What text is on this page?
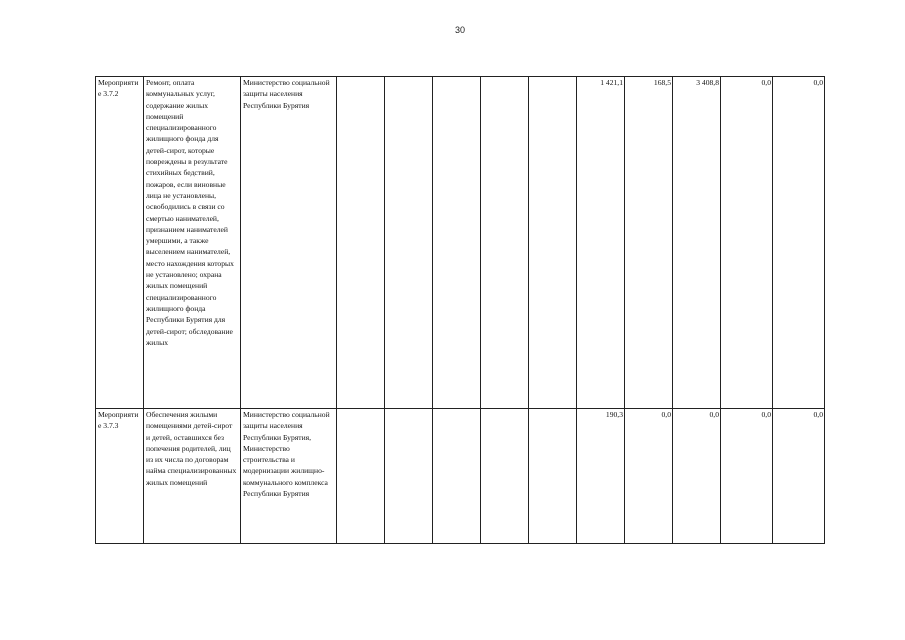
30
Мероприятие 3.7.2	Ремонт, оплата коммунальных услуг, содержание жилых помещений специализированного жилищного фонда для детей-сирот, которые повреждены в результате стихийных бедствий, пожаров, если виновные лица не установлены, освободились в связи со смертью нанимателей, признанием нанимателей умершими, а также выселением нанимателей, место нахождения которых не установлено; охрана жилых помещений специализированного жилищного фонда Республики Бурятия для детей-сирот; обследование жилых	Министерство социальной защиты населения Республики Бурятия						1 421,1	168,5	3 408,8	0,0	0,0	

Мероприятие 3.7.3	Обеспечения жилыми помещениями детей-сирот и детей, оставшихся без попечения родителей, лиц из их числа по договорам найма специализированных жилых помещений	Министерство социальной защиты населения Республики Бурятия, Министерство строительства и модернизации жилищно-коммунального комплекса Республики Бурятия						190,3	0,0	0,0	0,0	0,0	
